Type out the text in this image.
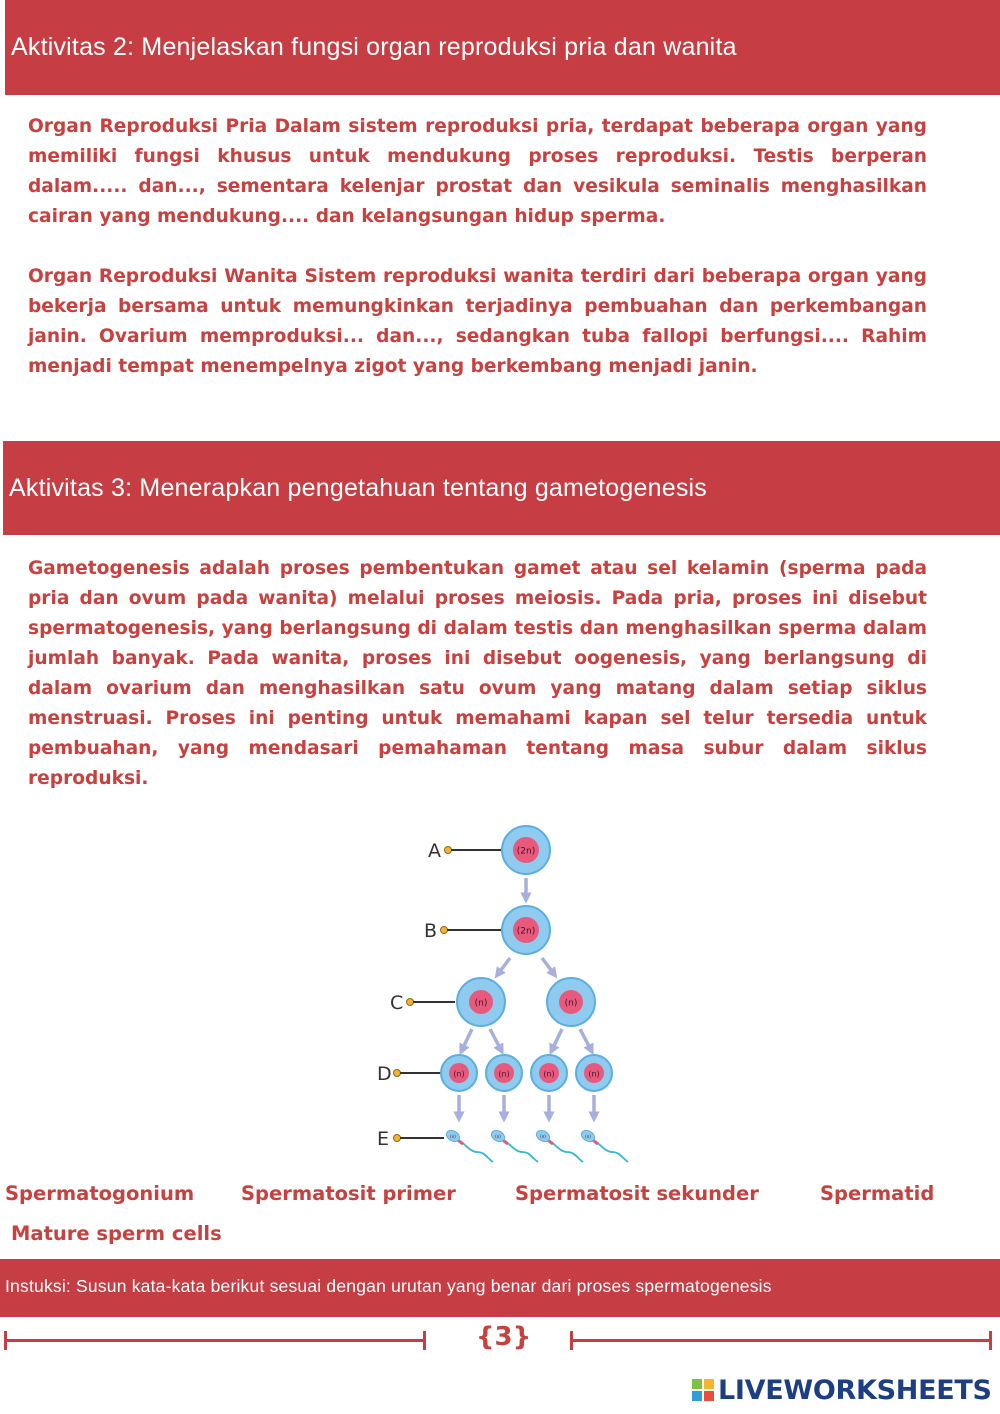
Aktivitas 2: Menjelaskan fungsi organ reproduksi pria dan wanita

Organ Reproduksi Pria Dalam sistem reproduksi pria, terdapat beberapa organ yang memiliki fungsi khusus untuk mendukung proses reproduksi. Testis berperan dalam..... dan..., sementara kelenjar prostat dan vesikula seminalis menghasilkan cairan yang mendukung.... dan kelangsungan hidup sperma.

Organ Reproduksi Wanita Sistem reproduksi wanita terdiri dari beberapa organ yang bekerja bersama untuk memungkinkan terjadinya pembuahan dan perkembangan janin. Ovarium memproduksi... dan..., sedangkan tuba fallopi berfungsi.... Rahim menjadi tempat menempelnya zigot yang berkembang menjadi janin.

Aktivitas 3: Menerapkan pengetahuan tentang gametogenesis

Gametogenesis adalah proses pembentukan gamet atau sel kelamin (sperma pada pria dan ovum pada wanita) melalui proses meiosis. Pada pria, proses ini disebut spermatogenesis, yang berlangsung di dalam testis dan menghasilkan sperma dalam jumlah banyak. Pada wanita, proses ini disebut oogenesis, yang berlangsung di dalam ovarium dan menghasilkan satu ovum yang matang dalam setiap siklus menstruasi. Proses ini penting untuk memahami kapan sel telur tersedia untuk pembuahan, yang mendasari pemahaman tentang masa subur dalam siklus reproduksi.

A	(2n)
B	(2n)
C	(n)	(n)
D	(n)	(n)	(n)	(n)
E	(n)	(n)	(n)	(n)
Spermatogonium Spermatosit primer	Spermatosit sekunder	Spermatid
Mature sperm cells
Instuksi: Susun kata-kata berikut sesuai dengan urutan yang benar dari proses spermatogenesis
{3}
LIVEWORKSHEETS
